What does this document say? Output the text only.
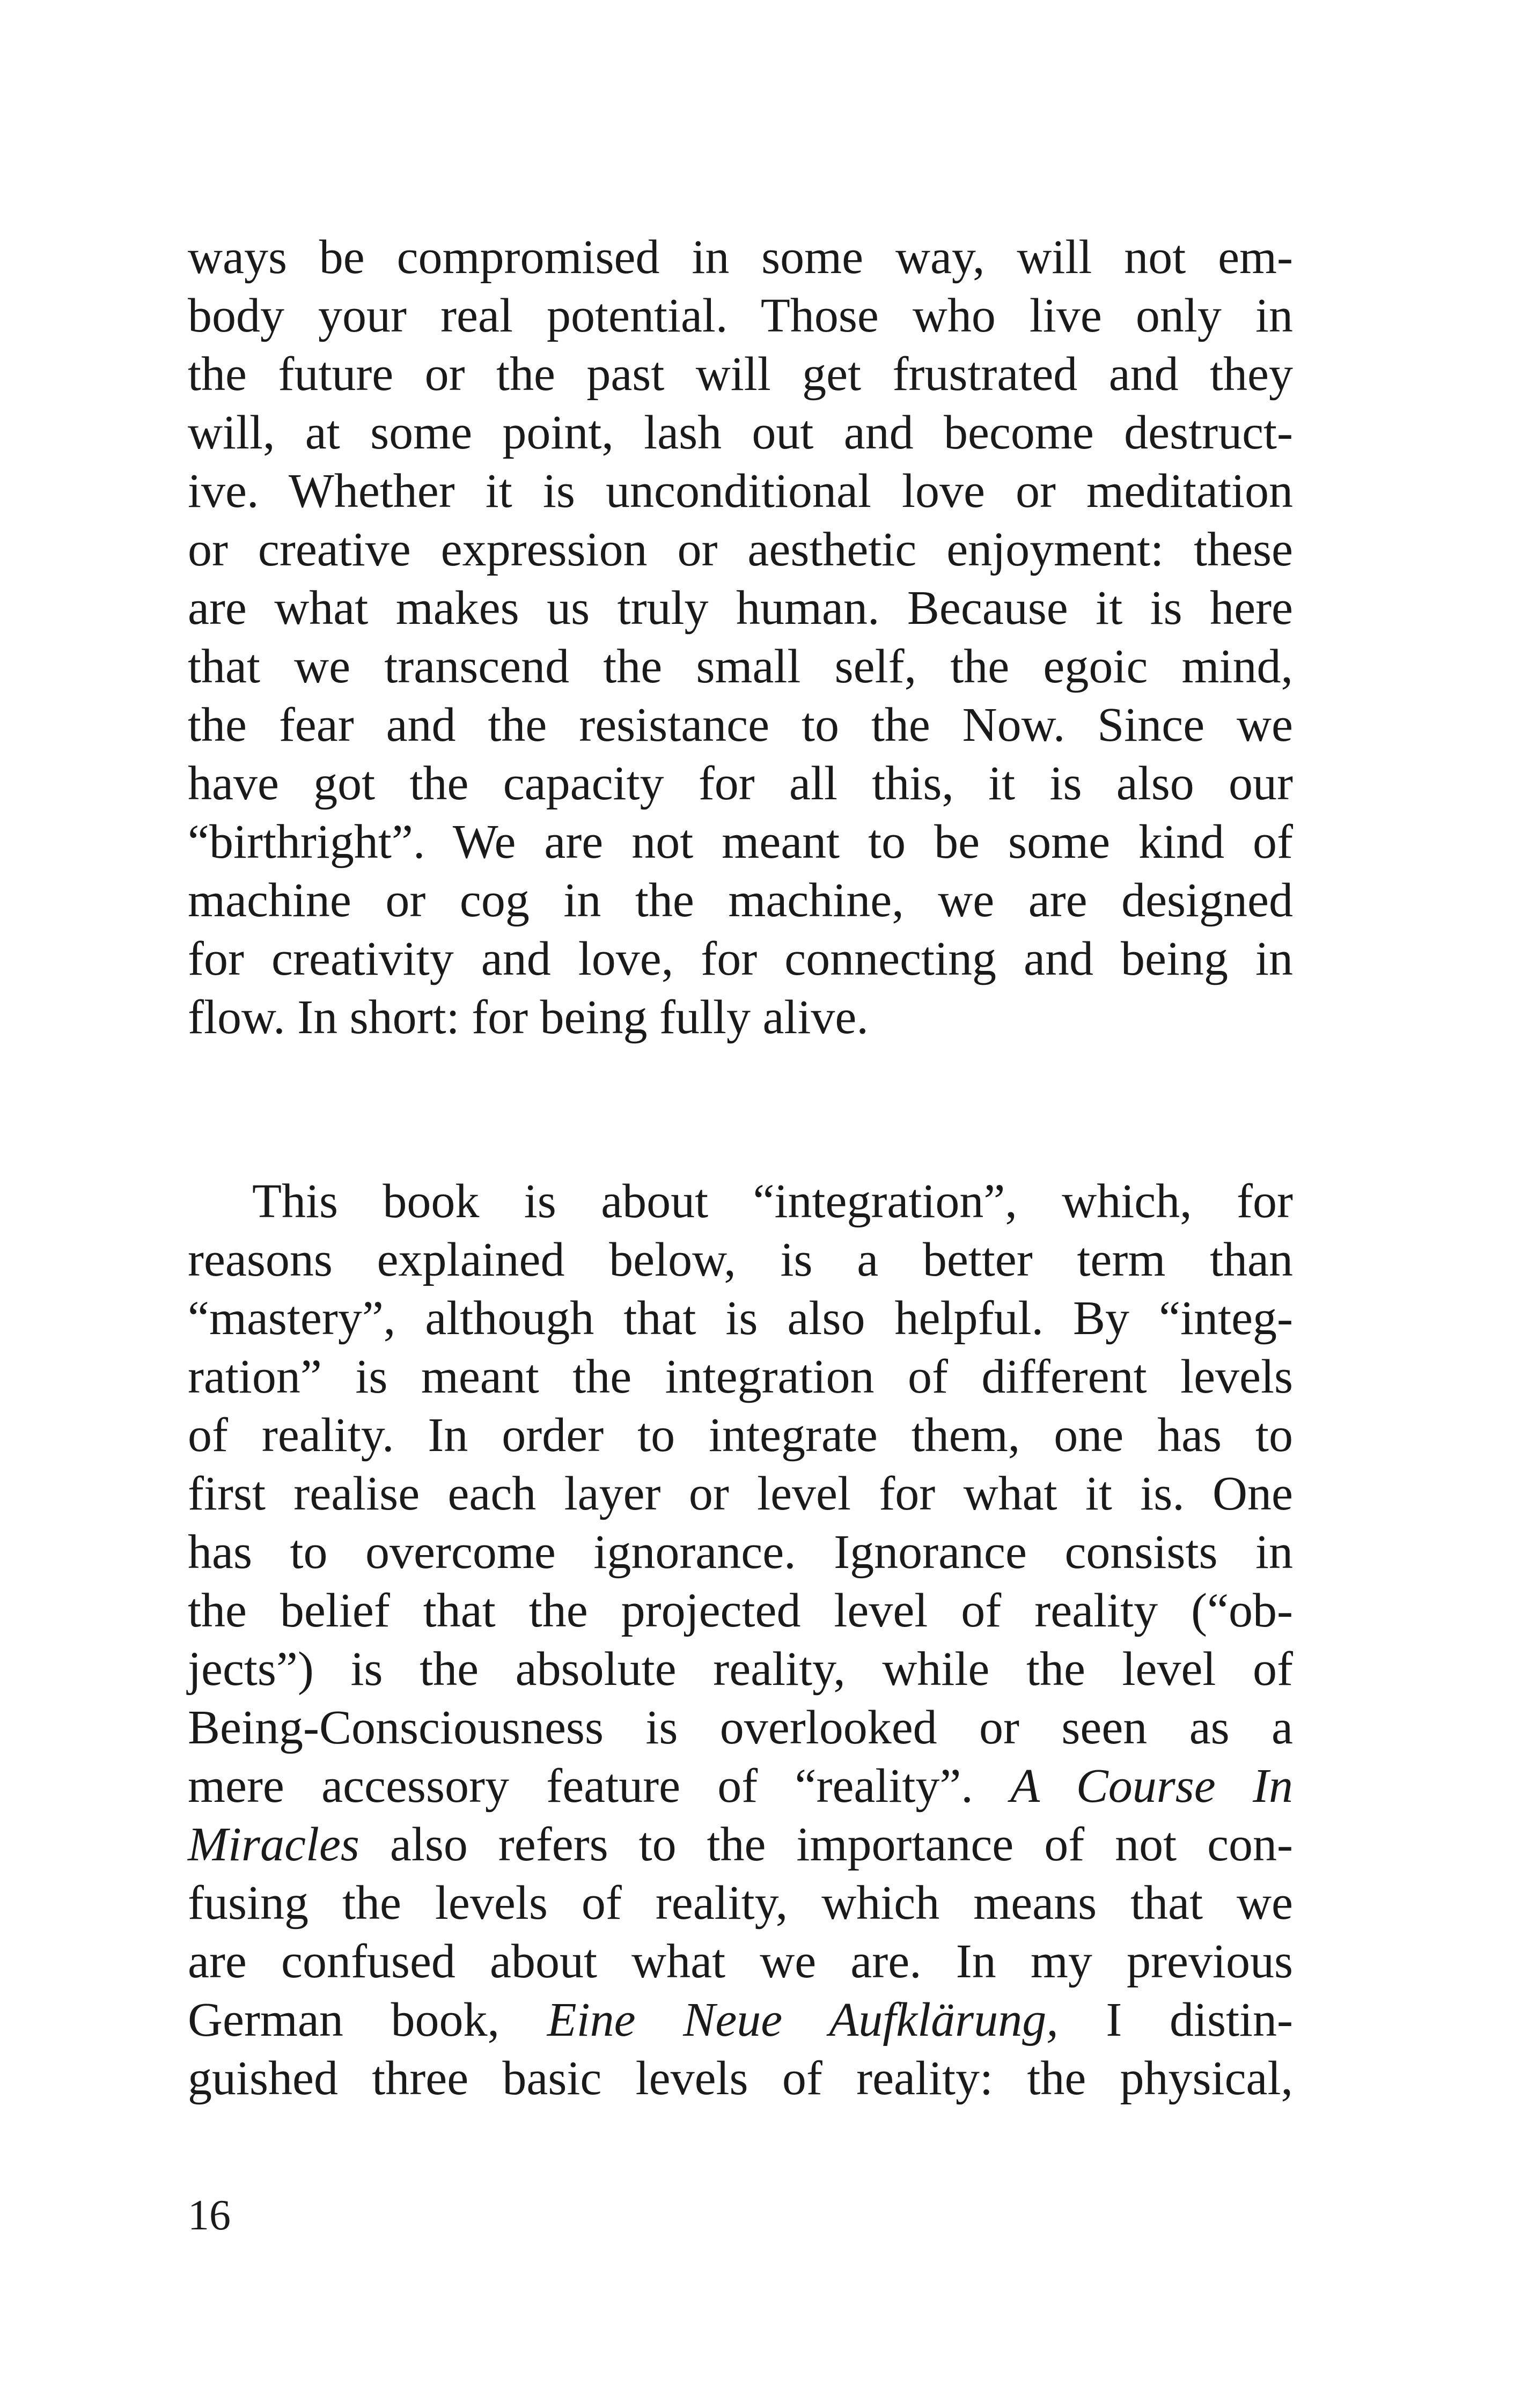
ways be compromised in some way, will not em-
body your real potential. Those who live only in
the future or the past will get frustrated and they
will, at some point, lash out and become destruct-
ive. Whether it is unconditional love or meditation
or creative expression or aesthetic enjoyment: these
are what makes us truly human. Because it is here
that we transcend the small self, the egoic mind,
the fear and the resistance to the Now. Since we
have got the capacity for all this, it is also our
“birthright”. We are not meant to be some kind of
machine or cog in the machine, we are designed
for creativity and love, for connecting and being in
flow. In short: for being fully alive.
This book is about “integration”, which, for
reasons explained below, is a better term than
“mastery”, although that is also helpful. By “integ-
ration” is meant the integration of different levels
of reality. In order to integrate them, one has to
first realise each layer or level for what it is. One
has to overcome ignorance. Ignorance consists in
the belief that the projected level of reality (“ob-
jects”) is the absolute reality, while the level of
Being-Consciousness is overlooked or seen as a
mere accessory feature of “reality”. A Course In
Miracles also refers to the importance of not con-
fusing the levels of reality, which means that we
are confused about what we are. In my previous
German book, Eine Neue Aufklärung, I distin-
guished three basic levels of reality: the physical,
16
